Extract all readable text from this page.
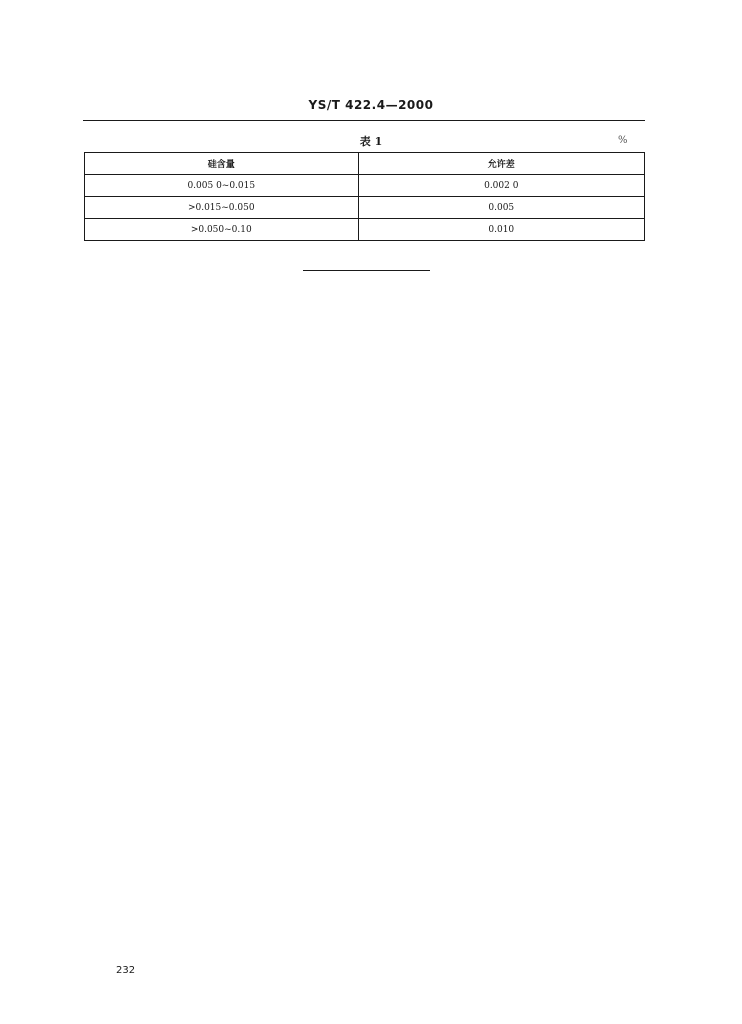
YS/T 422.4—2000
表 1	%
硅含量	允许差
0.005 0~0.015	0.002 0
>0.015~0.050	0.005
>0.050~0.10	0.010
232
